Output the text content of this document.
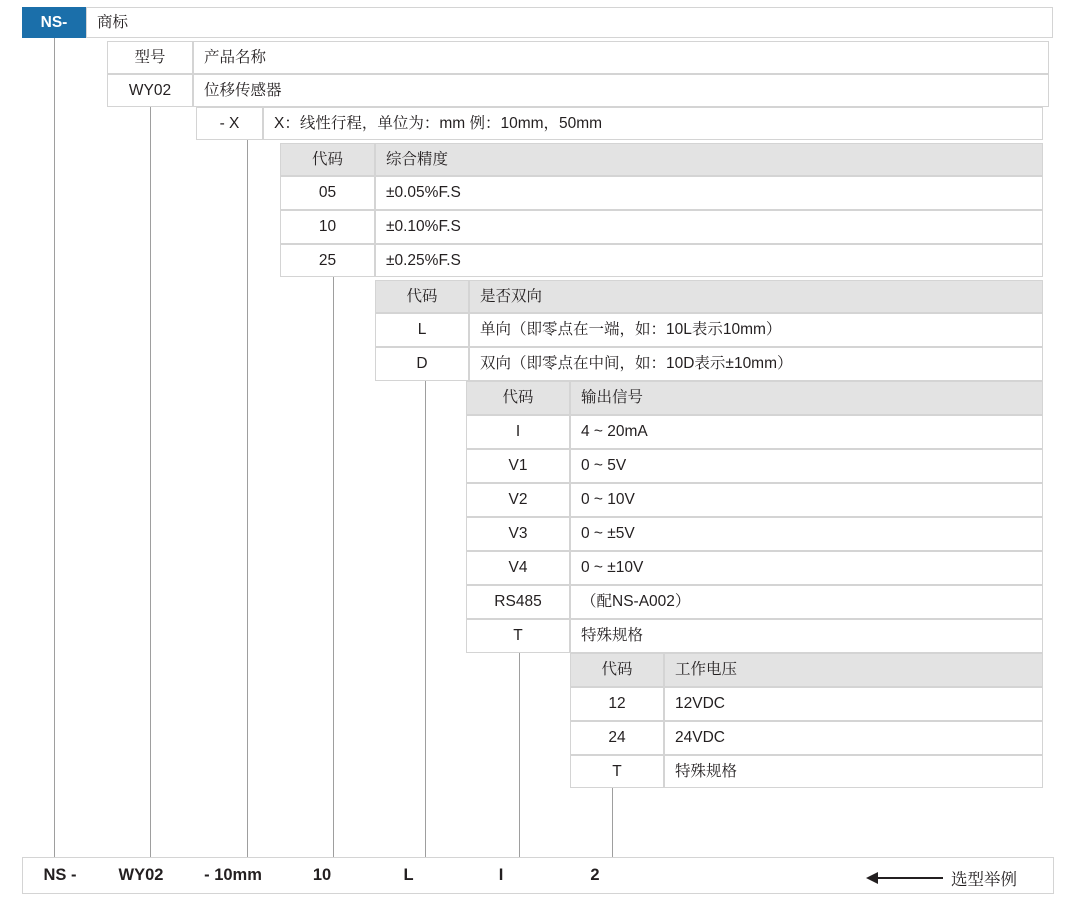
NS-	商标
型号	产品名称
WY02	位移传感器
- X	X：线性行程，单位为：mm 例：10mm，50mm
代码	综合精度
05	±0.05%F.S
10	±0.10%F.S
25	±0.25%F.S
代码	是否双向
L	单向（即零点在一端，如：10L表示10mm）
D	双向（即零点在中间，如：10D表示±10mm）
代码	输出信号
I	4 ~ 20mA
V1	0 ~ 5V
V2	0 ~ 10V
V3	0 ~ ±5V
V4	0 ~ ±10V
RS485	（配NS-A002）
T	特殊规格
代码	工作电压
12	12VDC
24	24VDC
T	特殊规格
NS -	WY02	- 10mm	10	L	I	2	选型举例
